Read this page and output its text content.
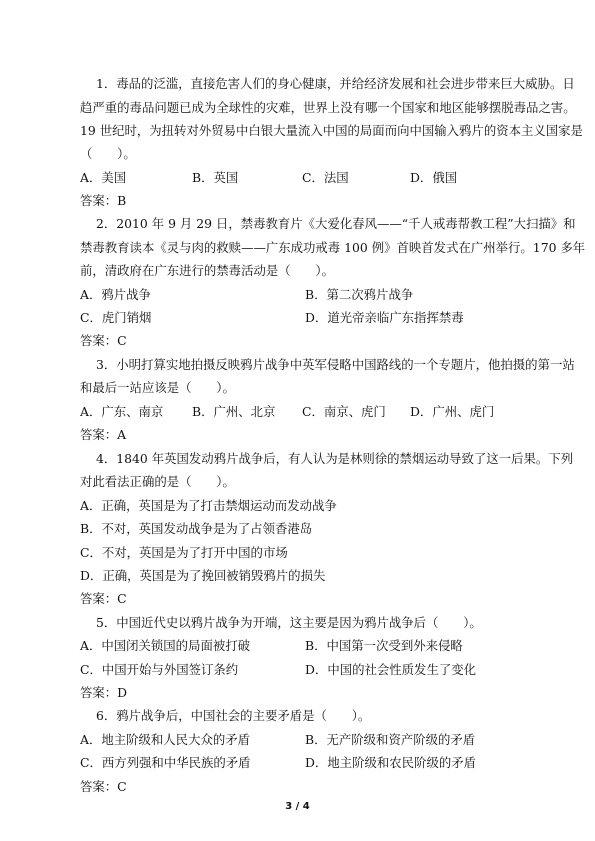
1．毒品的泛滥，直接危害人们的身心健康，并给经济发展和社会进步带来巨大威胁。日
趋严重的毒品问题已成为全球性的灾难，世界上没有哪一个国家和地区能够摆脱毒品之害。
19 世纪时，为扭转对外贸易中白银大量流入中国的局面而向中国输入鸦片的资本主义国家是
（　　）。
A．美国	B．英国	C．法国	D．俄国
答案：B
2．2010 年 9 月 29 日，禁毒教育片《大爱化春风——“千人戒毒帮教工程”大扫描》和
禁毒教育读本《灵与肉的救赎——广东成功戒毒 100 例》首映首发式在广州举行。170 多年
前，清政府在广东进行的禁毒活动是（　　）。
A．鸦片战争	B．第二次鸦片战争
C．虎门销烟	D．道光帝亲临广东指挥禁毒
答案：C
3．小明打算实地拍摄反映鸦片战争中英军侵略中国路线的一个专题片，他拍摄的第一站
和最后一站应该是（　　）。
A．广东、南京 B．广州、北京 C．南京、虎门 D．广州、虎门
答案：A
4．1840 年英国发动鸦片战争后，有人认为是林则徐的禁烟运动导致了这一后果。下列
对此看法正确的是（　　）。
A．正确，英国是为了打击禁烟运动而发动战争
B．不对，英国发动战争是为了占领香港岛
C．不对，英国是为了打开中国的市场
D．正确，英国是为了挽回被销毁鸦片的损失
答案：C
5．中国近代史以鸦片战争为开端，这主要是因为鸦片战争后（　　）。
A．中国闭关锁国的局面被打破	B．中国第一次受到外来侵略
C．中国开始与外国签订条约	D．中国的社会性质发生了变化
答案：D
6．鸦片战争后，中国社会的主要矛盾是（　　）。
A．地主阶级和人民大众的矛盾	B．无产阶级和资产阶级的矛盾
C．西方列强和中华民族的矛盾	D．地主阶级和农民阶级的矛盾
答案：C
3 / 4
